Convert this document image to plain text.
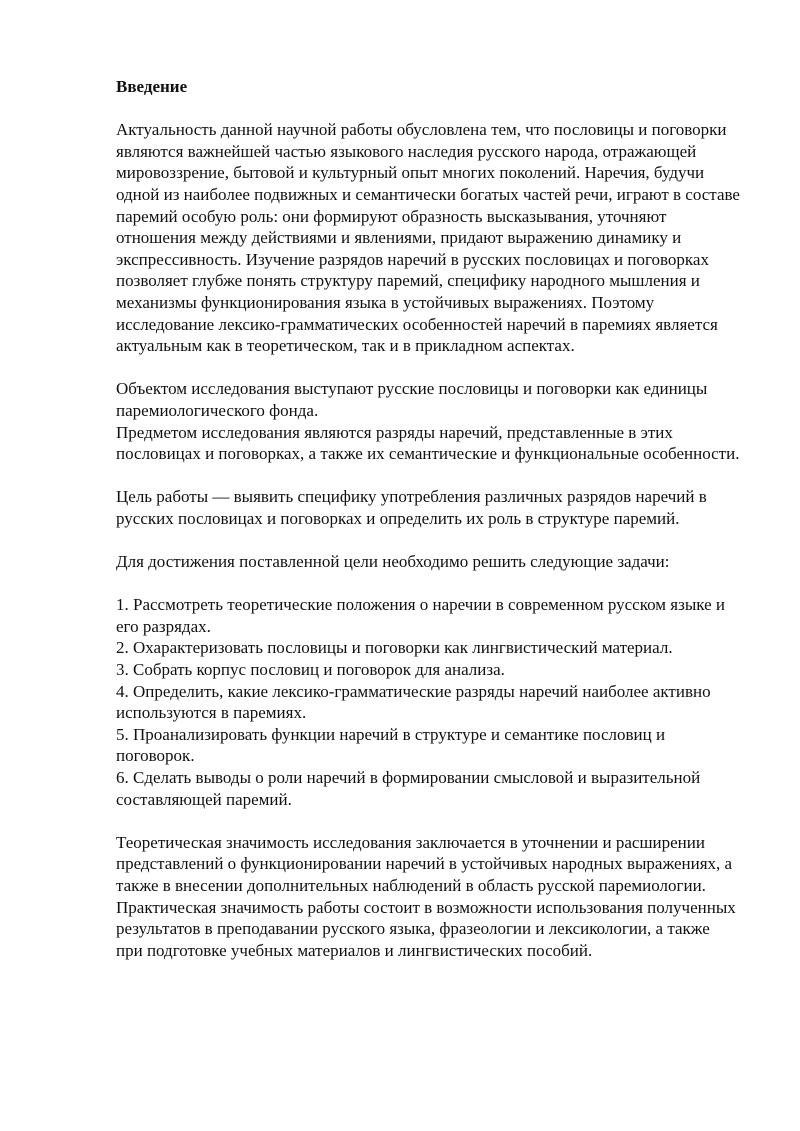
Введение

Актуальность данной научной работы обусловлена тем, что пословицы и поговорки являются важнейшей частью языкового наследия русского народа, отражающей мировоззрение, бытовой и культурный опыт многих поколений. Наречия, будучи одной из наиболее подвижных и семантически богатых частей речи, играют в составе паремий особую роль: они формируют образность высказывания, уточняют отношения между действиями и явлениями, придают выражению динамику и экспрессивность. Изучение разрядов наречий в русских пословицах и поговорках позволяет глубже понять структуру паремий, специфику народного мышления и механизмы функционирования языка в устойчивых выражениях. Поэтому исследование лексико-грамматических особенностей наречий в паремиях является актуальным как в теоретическом, так и в прикладном аспектах.

Объектом исследования выступают русские пословицы и поговорки как единицы паремиологического фонда.

Предметом исследования являются разряды наречий, представленные в этих пословицах и поговорках, а также их семантические и функциональные особенности.

Цель работы — выявить специфику употребления различных разрядов наречий в русских пословицах и поговорках и определить их роль в структуре паремий.

Для достижения поставленной цели необходимо решить следующие задачи:

1. Рассмотреть теоретические положения о наречии в современном русском языке и его разрядах.
2. Охарактеризовать пословицы и поговорки как лингвистический материал.
3. Собрать корпус пословиц и поговорок для анализа.
4. Определить, какие лексико-грамматические разряды наречий наиболее активно используются в паремиях.
5. Проанализировать функции наречий в структуре и семантике пословиц и поговорок.
6. Сделать выводы о роли наречий в формировании смысловой и выразительной составляющей паремий.

Теоретическая значимость исследования заключается в уточнении и расширении представлений о функционировании наречий в устойчивых народных выражениях, а также в внесении дополнительных наблюдений в область русской паремиологии.

Практическая значимость работы состоит в возможности использования полученных результатов в преподавании русского языка, фразеологии и лексикологии, а также при подготовке учебных материалов и лингвистических пособий.
